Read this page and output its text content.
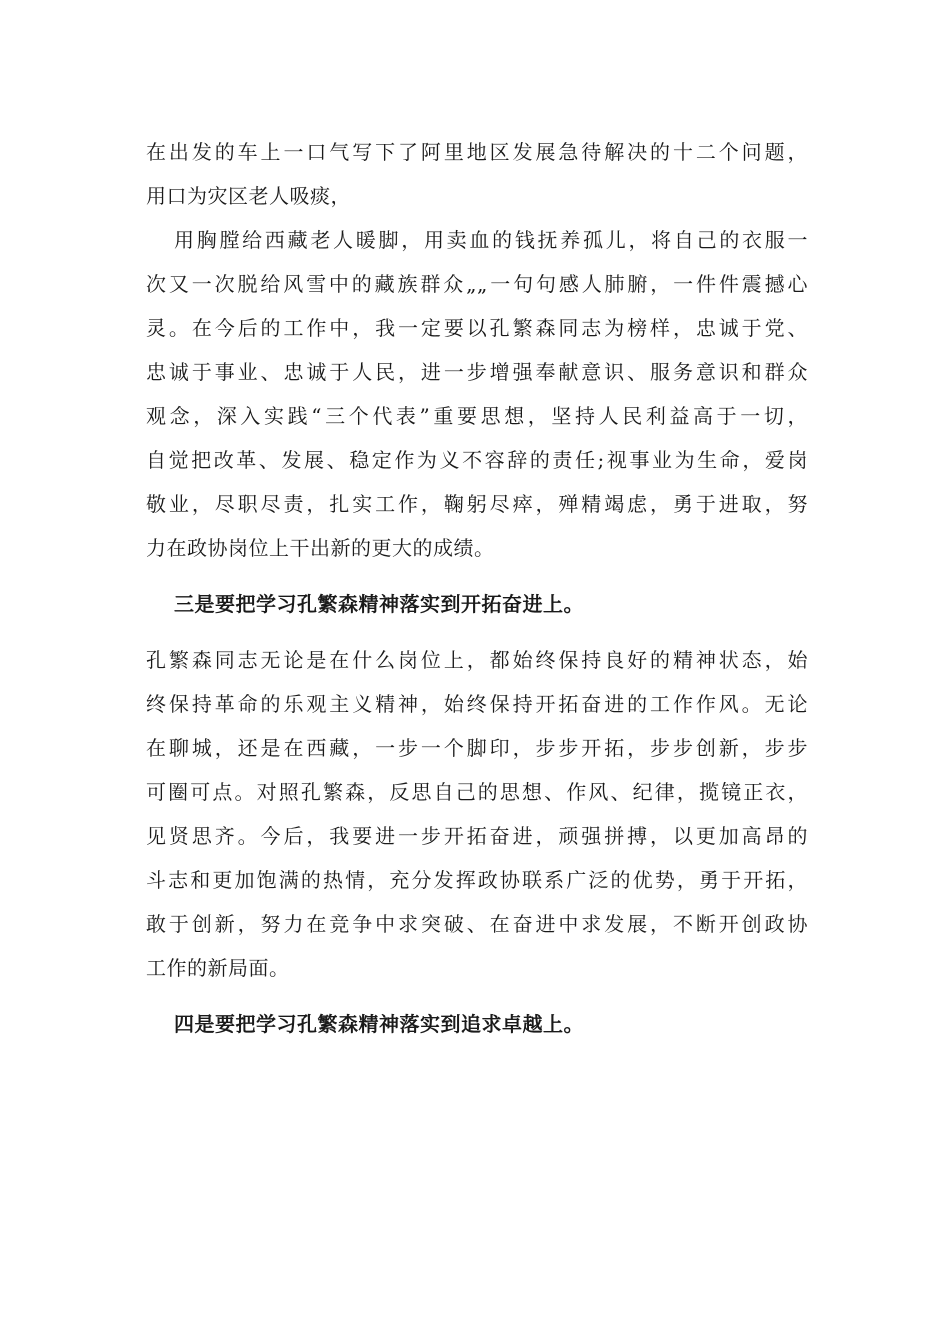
在出发的车上一口气写下了阿里地区发展急待解决的十二个问题，
用口为灾区老人吸痰，

用胸膛给西藏老人暖脚，用卖血的钱抚养孤儿，将自己的衣服一
次又一次脱给风雪中的藏族群众„„一句句感人肺腑，一件件震撼心
灵。在今后的工作中，我一定要以孔繁森同志为榜样，忠诚于党、
忠诚于事业、忠诚于人民，进一步增强奉献意识、服务意识和群众
观念，深入实践“三个代表”重要思想，坚持人民利益高于一切，
自觉把改革、发展、稳定作为义不容辞的责任;视事业为生命，爱岗
敬业，尽职尽责，扎实工作，鞠躬尽瘁，殚精竭虑，勇于进取，努
力在政协岗位上干出新的更大的成绩。

三是要把学习孔繁森精神落实到开拓奋进上。

孔繁森同志无论是在什么岗位上，都始终保持良好的精神状态，始
终保持革命的乐观主义精神，始终保持开拓奋进的工作作风。无论
在聊城，还是在西藏，一步一个脚印，步步开拓，步步创新，步步
可圈可点。对照孔繁森，反思自己的思想、作风、纪律，揽镜正衣，
见贤思齐。今后，我要进一步开拓奋进，顽强拼搏，以更加高昂的
斗志和更加饱满的热情，充分发挥政协联系广泛的优势，勇于开拓，
敢于创新，努力在竞争中求突破、在奋进中求发展，不断开创政协
工作的新局面。

四是要把学习孔繁森精神落实到追求卓越上。
